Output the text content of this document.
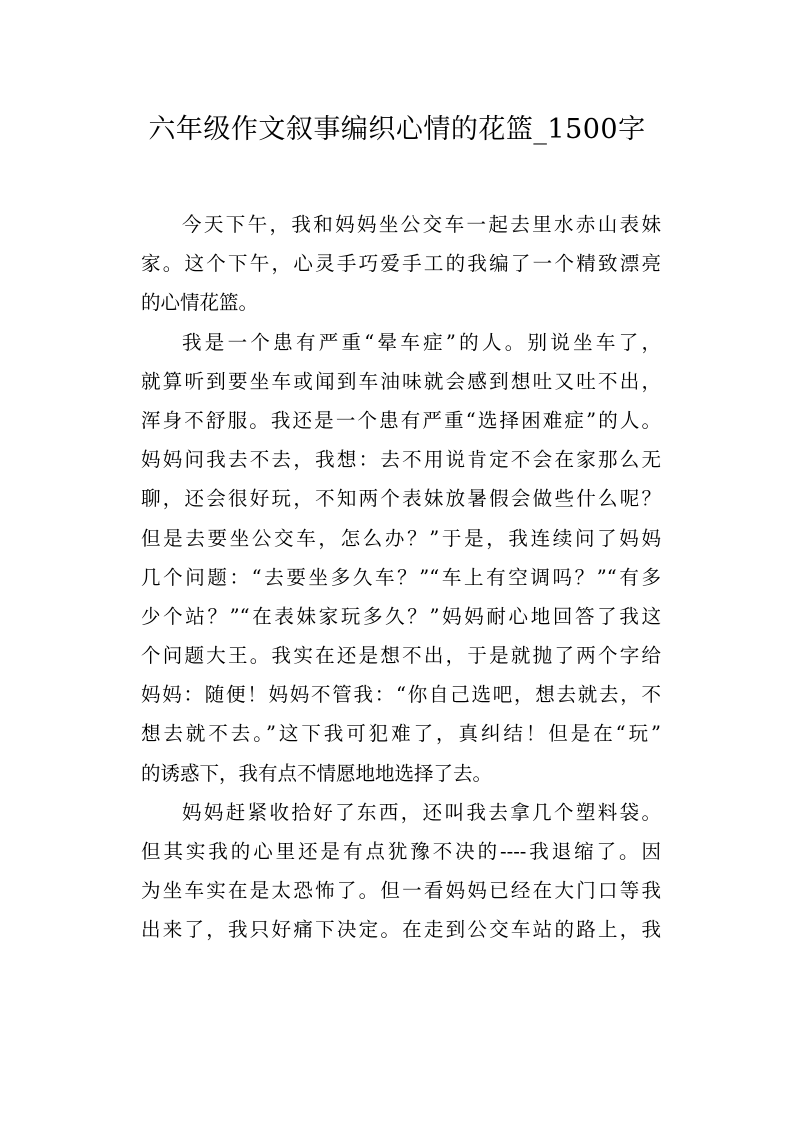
六年级作文叙事编织心情的花篮_1500字
今天下午，我和妈妈坐公交车一起去里水赤山表妹
家。这个下午，心灵手巧爱手工的我编了一个精致漂亮
的心情花篮。
我是一个患有严重“晕车症”的人。别说坐车了，
就算听到要坐车或闻到车油味就会感到想吐又吐不出，
浑身不舒服。我还是一个患有严重“选择困难症”的人。
妈妈问我去不去，我想：去不用说肯定不会在家那么无
聊，还会很好玩，不知两个表妹放暑假会做些什么呢？
但是去要坐公交车，怎么办？”于是，我连续问了妈妈
几个问题：“去要坐多久车？”“车上有空调吗？”“有多
少个站？”“在表妹家玩多久？”妈妈耐心地回答了我这
个问题大王。我实在还是想不出，于是就抛了两个字给
妈妈：随便！妈妈不管我：“你自己选吧，想去就去，不
想去就不去。”这下我可犯难了，真纠结！但是在“玩”
的诱惑下，我有点不情愿地地选择了去。
妈妈赶紧收拾好了东西，还叫我去拿几个塑料袋。
但其实我的心里还是有点犹豫不决的----我退缩了。因
为坐车实在是太恐怖了。但一看妈妈已经在大门口等我
出来了，我只好痛下决定。在走到公交车站的路上，我
